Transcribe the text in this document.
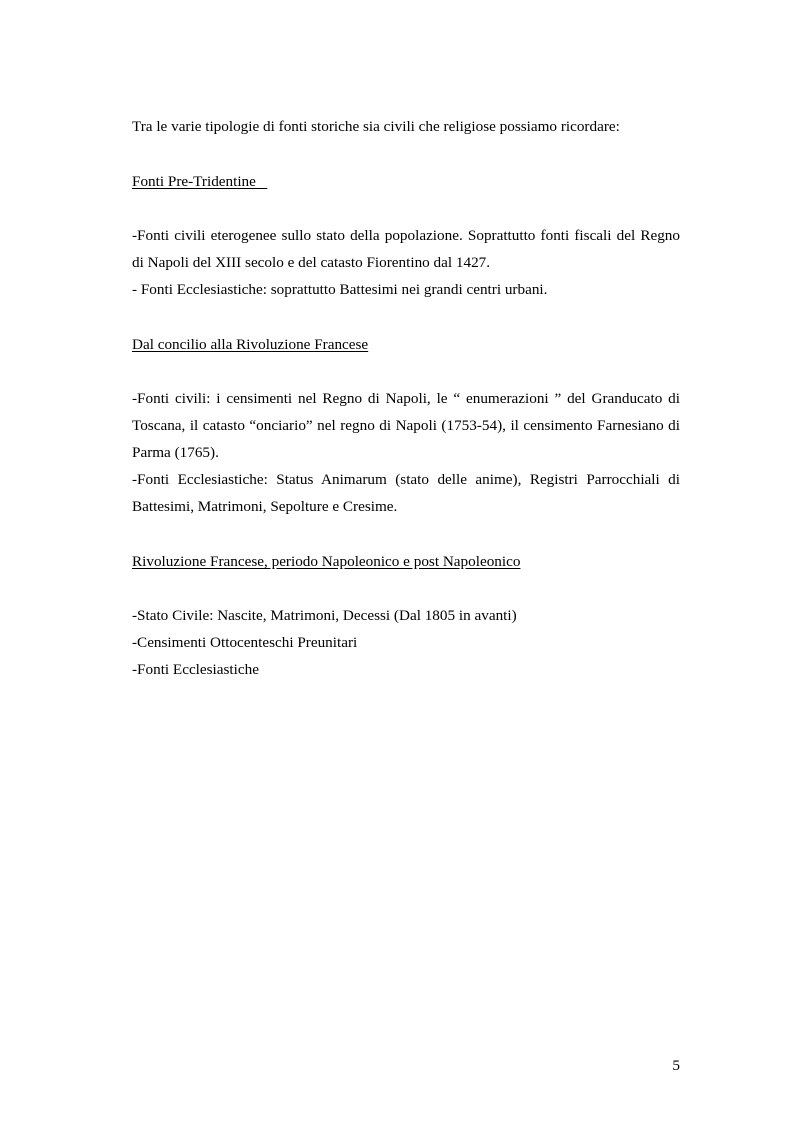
Tra le varie tipologie di fonti storiche sia civili che religiose possiamo ricordare:

Fonti Pre-Tridentine

-Fonti civili eterogenee sullo stato della popolazione. Soprattutto fonti fiscali del Regno di Napoli del XIII secolo e del catasto Fiorentino dal 1427.

- Fonti Ecclesiastiche: soprattutto Battesimi nei grandi centri urbani.

Dal concilio alla Rivoluzione Francese

-Fonti civili: i censimenti nel Regno di Napoli, le “ enumerazioni ” del Granducato di Toscana, il catasto “onciario” nel regno di Napoli (1753-54), il censimento Farnesiano di Parma (1765).

-Fonti Ecclesiastiche: Status Animarum (stato delle anime), Registri Parrocchiali di Battesimi, Matrimoni, Sepolture e Cresime.

Rivoluzione Francese, periodo Napoleonico e post Napoleonico

-Stato Civile: Nascite, Matrimoni, Decessi (Dal 1805 in avanti)

-Censimenti Ottocenteschi Preunitari

-Fonti Ecclesiastiche

5
